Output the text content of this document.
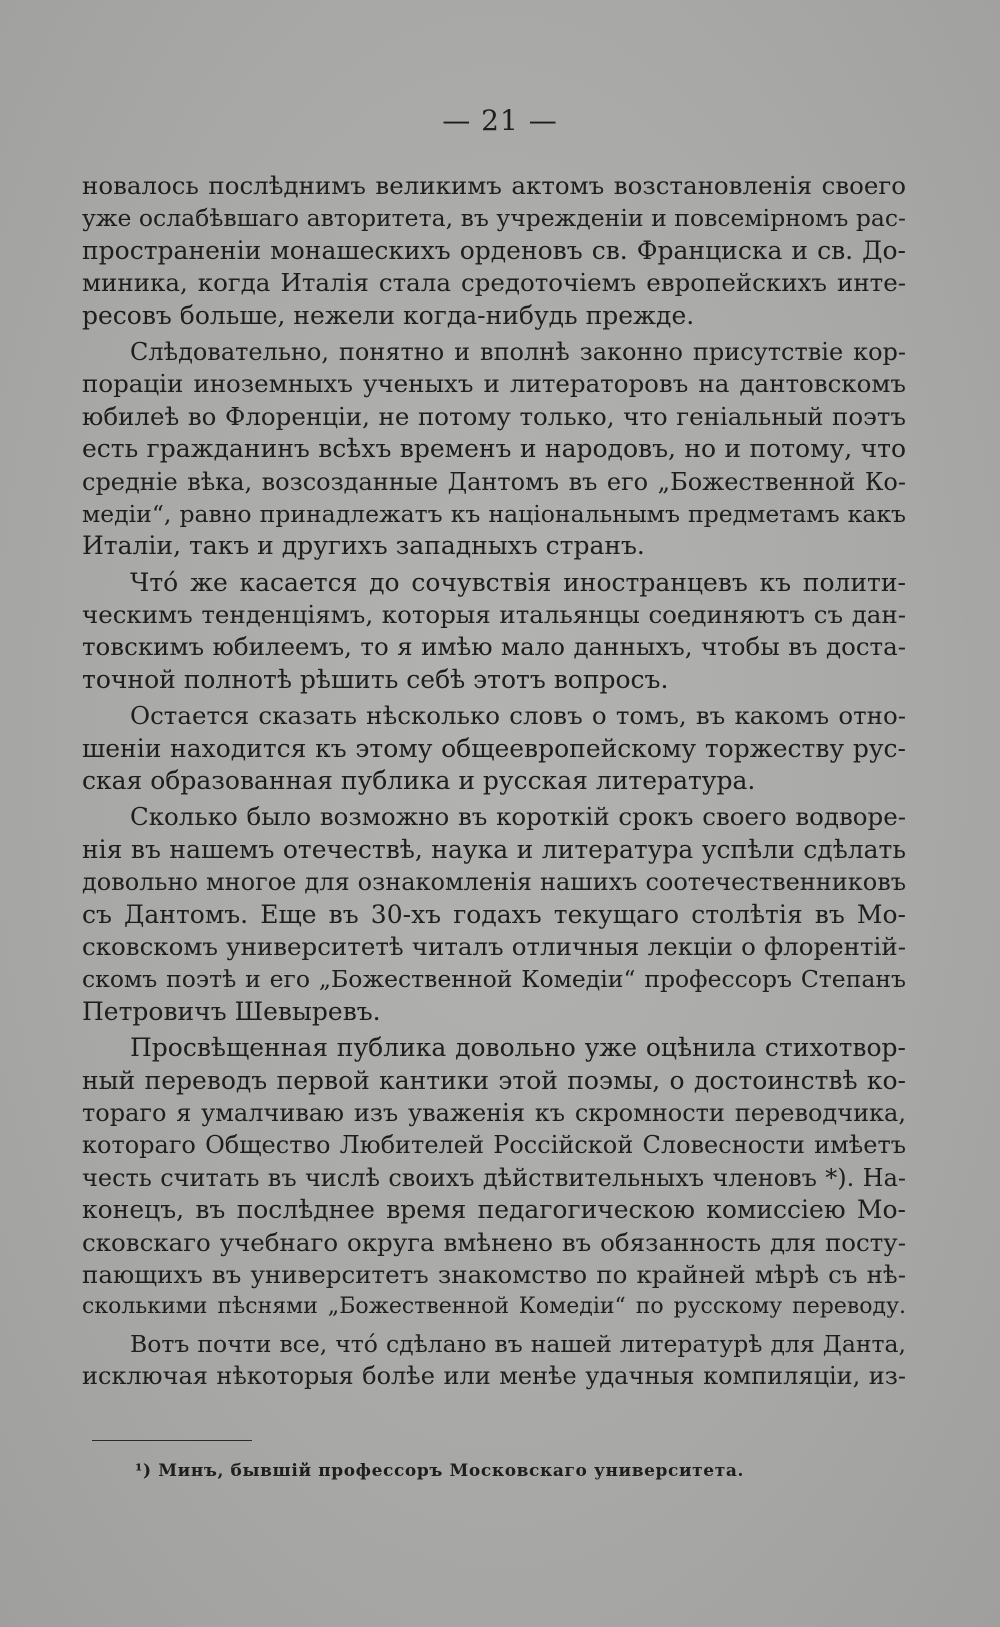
— 21 —
новалось послѣднимъ великимъ актомъ возстановленія своего
уже ослабѣвшаго авторитета, въ учрежденіи и повсемірномъ рас-
пространеніи монашескихъ орденовъ св. Франциска и св. До-
миника, когда Италія стала средоточіемъ европейскихъ инте-
ресовъ больше, нежели когда-нибудь прежде.
Слѣдовательно, понятно и вполнѣ законно присутствіе кор-
пораціи иноземныхъ ученыхъ и литераторовъ на дантовскомъ
юбилеѣ во Флоренціи, не потому только, что геніальный поэтъ
есть гражданинъ всѣхъ временъ и народовъ, но и потому, что
средніе вѣка, возсозданные Дантомъ въ его „Божественной Ко-
медіи“, равно принадлежатъ къ національнымъ предметамъ какъ
Италіи, такъ и другихъ западныхъ странъ.
Что́ же касается до сочувствія иностранцевъ къ полити-
ческимъ тенденціямъ, которыя итальянцы соединяютъ съ дан-
товскимъ юбилеемъ, то я имѣю мало данныхъ, чтобы въ доста-
точной полнотѣ рѣшить себѣ этотъ вопросъ.
Остается сказать нѣсколько словъ о томъ, въ какомъ отно-
шеніи находится къ этому общеевропейскому торжеству рус-
ская образованная публика и русская литература.
Сколько было возможно въ короткій срокъ своего водворе-
нія въ нашемъ отечествѣ, наука и литература успѣли сдѣлать
довольно многое для ознакомленія нашихъ соотечественниковъ
съ Дантомъ. Еще въ 30-хъ годахъ текущаго столѣтія въ Мо-
сковскомъ университетѣ читалъ отличныя лекціи о флорентій-
скомъ поэтѣ и его „Божественной Комедіи“ профессоръ Степанъ
Петровичъ Шевыревъ.
Просвѣщенная публика довольно уже оцѣнила стихотвор-
ный переводъ первой кантики этой поэмы, о достоинствѣ ко-
тораго я умалчиваю изъ уваженія къ скромности переводчика,
котораго Общество Любителей Россійской Словесности имѣетъ
честь считать въ числѣ своихъ дѣйствительныхъ членовъ *). На-
конецъ, въ послѣднее время педагогическою комиссіею Мо-
сковскаго учебнаго округа вмѣнено въ обязанность для посту-
пающихъ въ университетъ знакомство по крайней мѣрѣ съ нѣ-
сколькими пѣснями „Божественной Комедіи“ по русскому переводу.
Вотъ почти все, что́ сдѣлано въ нашей литературѣ для Данта,
исключая нѣкоторыя болѣе или менѣе удачныя компиляціи, из-
¹) Минъ, бывшій профессоръ Московскаго университета.
